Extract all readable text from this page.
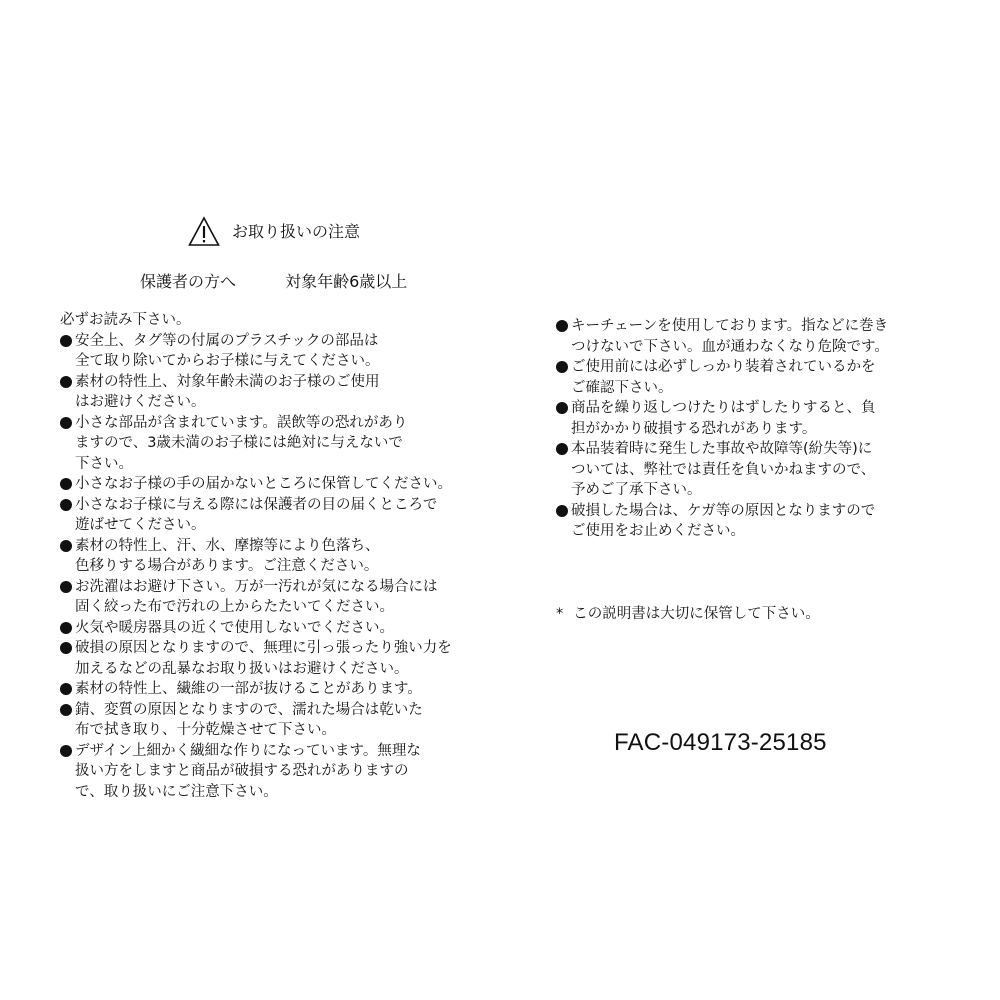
お取り扱いの注意
保護者の方へ	対象年齢6歳以上
必ずお読み下さい。
安全上、タグ等の付属のプラスチックの部品は
全て取り除いてからお子様に与えてください。
素材の特性上、対象年齢未満のお子様のご使用
はお避けください。
小さな部品が含まれています。誤飲等の恐れがあり
ますので、3歳未満のお子様には絶対に与えないで
下さい。
小さなお子様の手の届かないところに保管してください。
小さなお子様に与える際には保護者の目の届くところで
遊ばせてください。
素材の特性上、汗、水、摩擦等により色落ち、
色移りする場合があります。ご注意ください。
お洗濯はお避け下さい。万が一汚れが気になる場合には
固く絞った布で汚れの上からたたいてください。
火気や暖房器具の近くで使用しないでください。
破損の原因となりますので、無理に引っ張ったり強い力を
加えるなどの乱暴なお取り扱いはお避けください。
素材の特性上、繊維の一部が抜けることがあります。
錆、変質の原因となりますので、濡れた場合は乾いた
布で拭き取り、十分乾燥させて下さい。
デザイン上細かく繊細な作りになっています。無理な
扱い方をしますと商品が破損する恐れがありますの
で、取り扱いにご注意下さい。
キーチェーンを使用しております。指などに巻き
つけないで下さい。血が通わなくなり危険です。
ご使用前には必ずしっかり装着されているかを
ご確認下さい。
商品を繰り返しつけたりはずしたりすると、負
担がかかり破損する恐れがあります。
本品装着時に発生した事故や故障等(紛失等)に
ついては、弊社では責任を負いかねますので、
予めご了承下さい。
破損した場合は、ケガ等の原因となりますので
ご使用をお止めください。
* この説明書は大切に保管して下さい。
FAC-049173-25185
